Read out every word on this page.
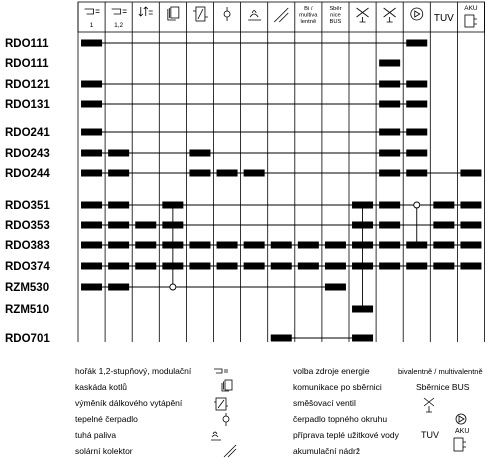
1	1,2
Bi /
multiva
lentně
Sběr
nice
BUS	TUV
AKU
RDO111
RDO111
RDO121
RDO131
RDO241
RDO243
RDO244
RDO351
RDO353
RDO383
RDO374
RZM530
RZM510
RDO701
hořák 1,2-stupňový, modulační
kaskáda kotlů
výměník dálkového vytápění
tepelné čerpadlo
tuhá paliva
solární kolektor
volba zdroje energie
komunikace po sběrnici
směšovací ventil
čerpadlo topného okruhu
příprava teplé užitkové vody
akumulační nádrž
bivalentně / multivalentně
Sběrnice BUS
TUV AKU
